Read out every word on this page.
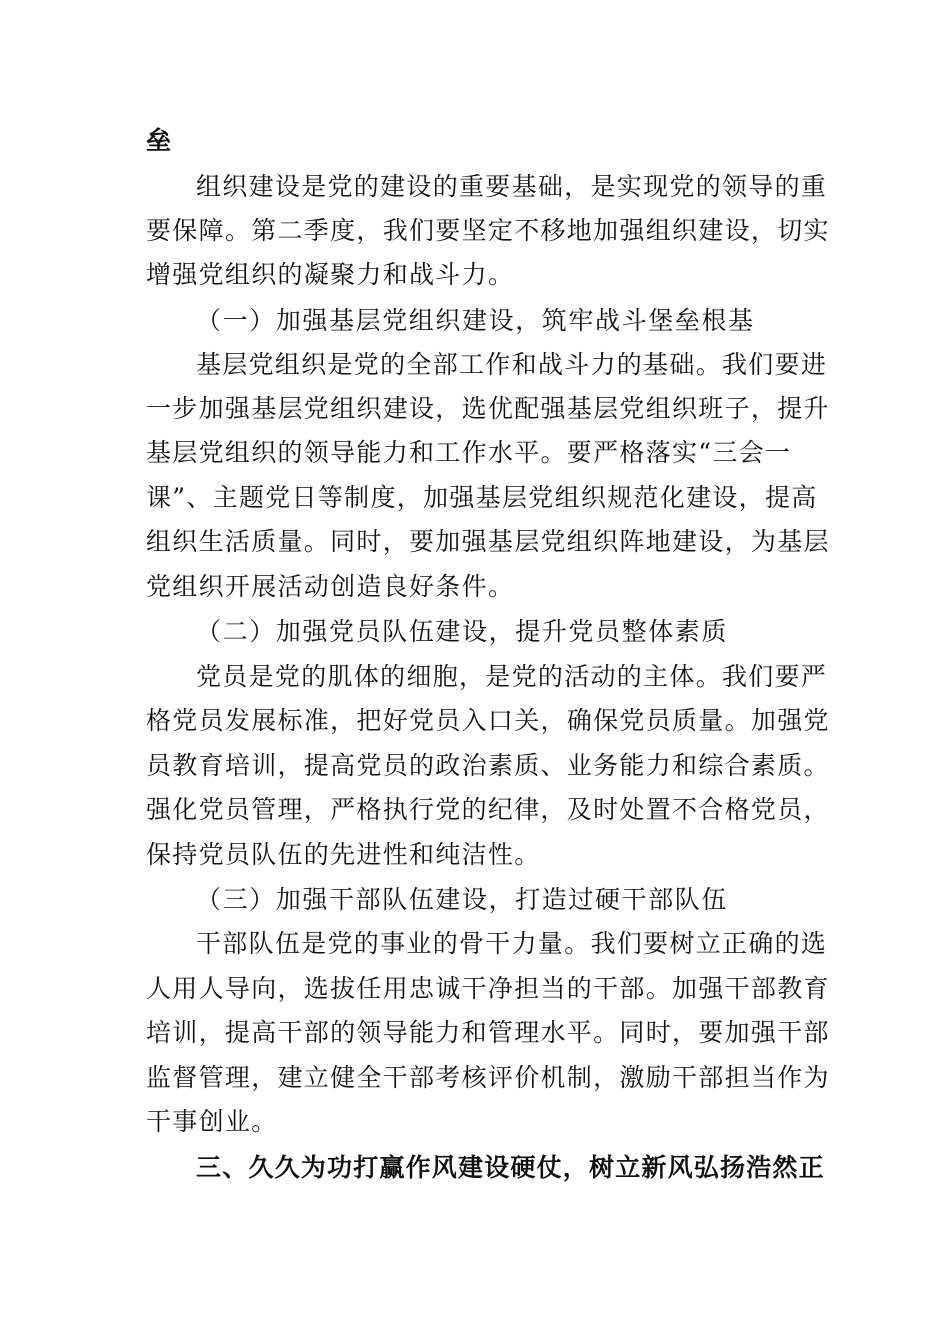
垒
组织建设是党的建设的重要基础，是实现党的领导的重
要保障。第二季度，我们要坚定不移地加强组织建设，切实
增强党组织的凝聚力和战斗力。
（一）加强基层党组织建设，筑牢战斗堡垒根基
基层党组织是党的全部工作和战斗力的基础。我们要进
一步加强基层党组织建设，选优配强基层党组织班子，提升
基层党组织的领导能力和工作水平。要严格落实“三会一
课”、主题党日等制度，加强基层党组织规范化建设，提高
组织生活质量。同时，要加强基层党组织阵地建设，为基层
党组织开展活动创造良好条件。
（二）加强党员队伍建设，提升党员整体素质
党员是党的肌体的细胞，是党的活动的主体。我们要严
格党员发展标准，把好党员入口关，确保党员质量。加强党
员教育培训，提高党员的政治素质、业务能力和综合素质。
强化党员管理，严格执行党的纪律，及时处置不合格党员，
保持党员队伍的先进性和纯洁性。
（三）加强干部队伍建设，打造过硬干部队伍
干部队伍是党的事业的骨干力量。我们要树立正确的选
人用人导向，选拔任用忠诚干净担当的干部。加强干部教育
培训，提高干部的领导能力和管理水平。同时，要加强干部
监督管理，建立健全干部考核评价机制，激励干部担当作为
干事创业。
三、久久为功打赢作风建设硬仗，树立新风弘扬浩然正
